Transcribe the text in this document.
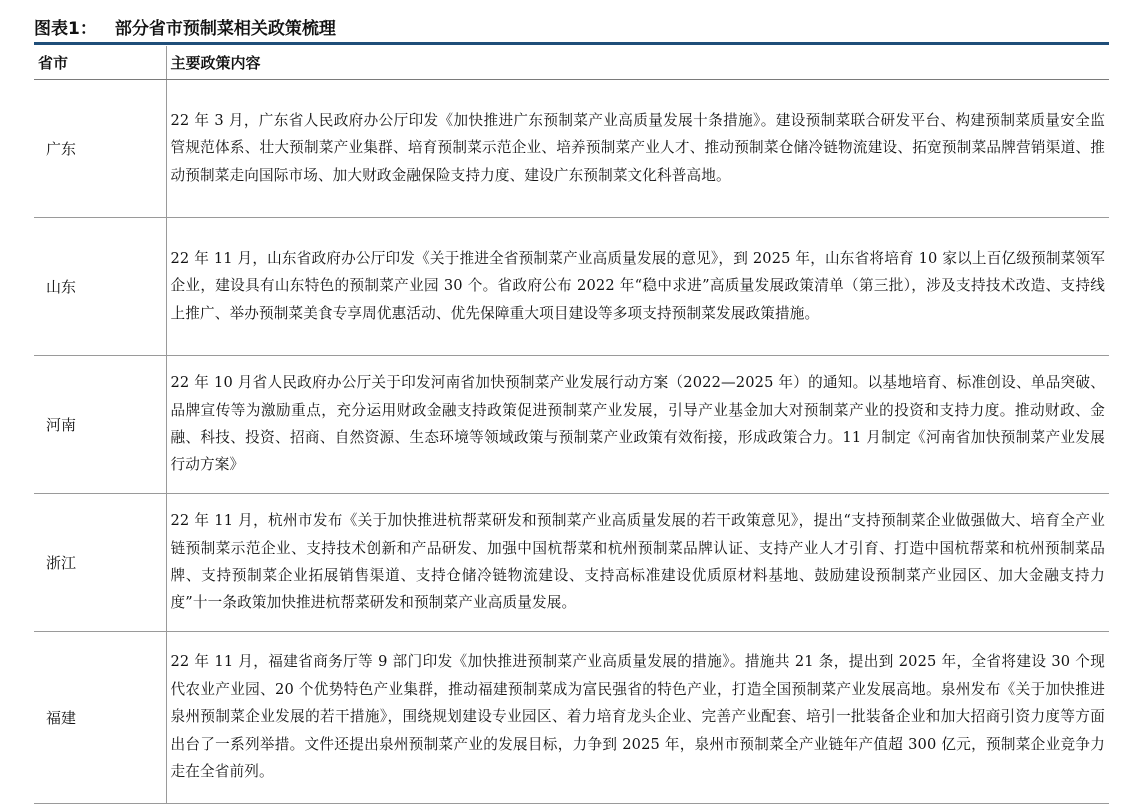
图表1： 部分省市预制菜相关政策梳理
省市	主要政策内容
广东	22 年 3 月，广东省人民政府办公厅印发《加快推进广东预制菜产业高质量发展十条措施》。建设预制菜联合研发平台、构建预制菜质量安全监管规范体系、壮大预制菜产业集群、培育预制菜示范企业、培养预制菜产业人才、推动预制菜仓储冷链物流建设、拓宽预制菜品牌营销渠道、推动预制菜走向国际市场、加大财政金融保险支持力度、建设广东预制菜文化科普高地。
山东	22 年 11 月，山东省政府办公厅印发《关于推进全省预制菜产业高质量发展的意见》，到 2025 年，山东省将培育 10 家以上百亿级预制菜领军企业，建设具有山东特色的预制菜产业园 30 个。省政府公布 2022 年“稳中求进”高质量发展政策清单（第三批），涉及支持技术改造、支持线上推广、举办预制菜美食专享周优惠活动、优先保障重大项目建设等多项支持预制菜发展政策措施。
河南	22 年 10 月省人民政府办公厅关于印发河南省加快预制菜产业发展行动方案（2022—2025 年）的通知。以基地培育、标准创设、单品突破、品牌宣传等为激励重点，充分运用财政金融支持政策促进预制菜产业发展，引导产业基金加大对预制菜产业的投资和支持力度。推动财政、金融、科技、投资、招商、自然资源、生态环境等领域政策与预制菜产业政策有效衔接，形成政策合力。11 月制定《河南省加快预制菜产业发展行动方案》
浙江	22 年 11 月，杭州市发布《关于加快推进杭帮菜研发和预制菜产业高质量发展的若干政策意见》，提出“支持预制菜企业做强做大、培育全产业链预制菜示范企业、支持技术创新和产品研发、加强中国杭帮菜和杭州预制菜品牌认证、支持产业人才引育、打造中国杭帮菜和杭州预制菜品牌、支持预制菜企业拓展销售渠道、支持仓储冷链物流建设、支持高标准建设优质原材料基地、鼓励建设预制菜产业园区、加大金融支持力度”十一条政策加快推进杭帮菜研发和预制菜产业高质量发展。
福建	22 年 11 月，福建省商务厅等 9 部门印发《加快推进预制菜产业高质量发展的措施》。措施共 21 条，提出到 2025 年，全省将建设 30 个现代农业产业园、20 个优势特色产业集群，推动福建预制菜成为富民强省的特色产业，打造全国预制菜产业发展高地。泉州发布《关于加快推进泉州预制菜企业发展的若干措施》，围绕规划建设专业园区、着力培育龙头企业、完善产业配套、培引一批装备企业和加大招商引资力度等方面出台了一系列举措。文件还提出泉州预制菜产业的发展目标，力争到 2025 年，泉州市预制菜全产业链年产值超 300 亿元，预制菜企业竞争力走在全省前列。
